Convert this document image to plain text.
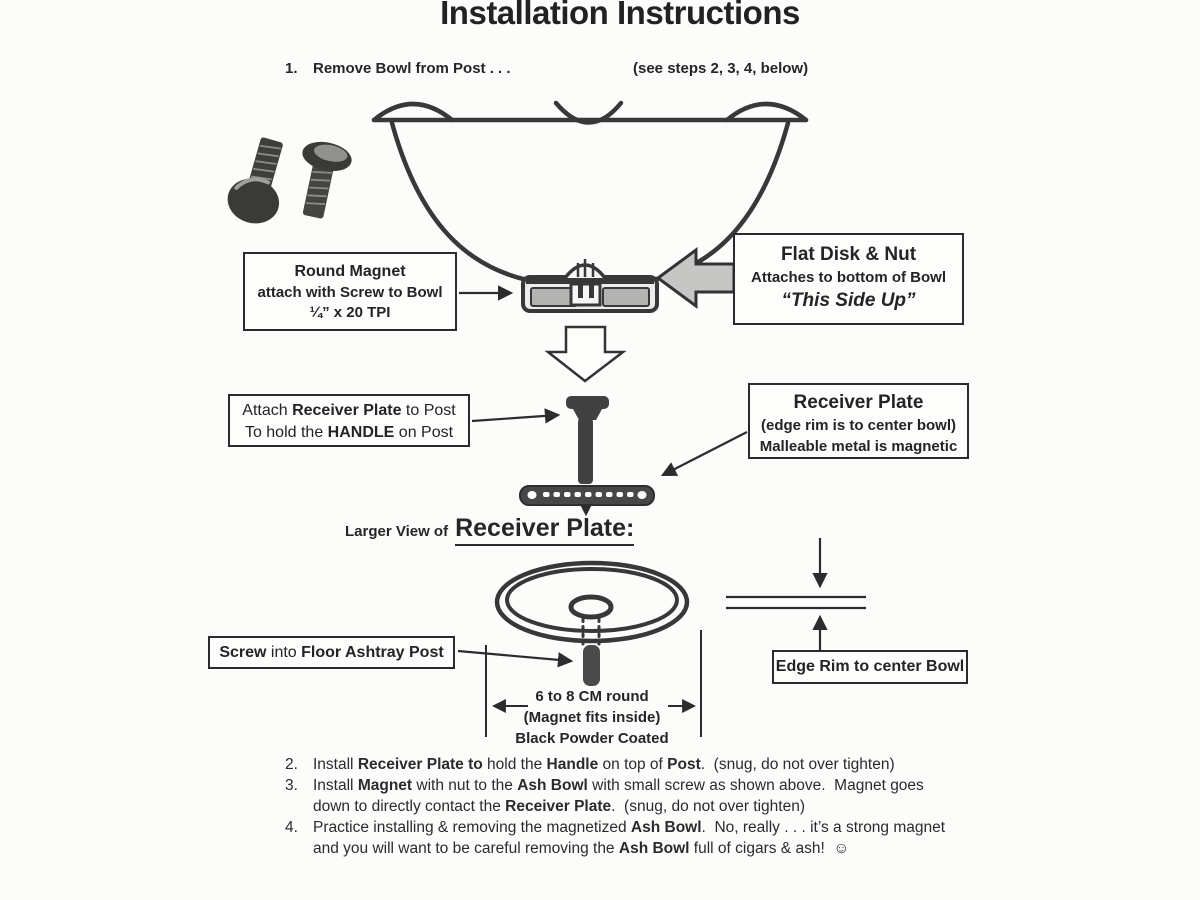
Installation Instructions
1. Remove Bowl from Post . . .	(see steps 2, 3, 4, below)
Round Magnet
attach with Screw to Bowl
¼” x 20 TPI
Flat Disk & Nut
Attaches to bottom of Bowl
“This Side Up”
Attach Receiver Plate to Post
To hold the HANDLE on Post
Receiver Plate
(edge rim is to center bowl)
Malleable metal is magnetic
Screw into Floor Ashtray Post
Edge Rim to center Bowl
Larger View of Receiver Plate:
6 to 8 CM round
(Magnet fits inside)
Black Powder Coated
2. Install Receiver Plate to hold the Handle on top of Post.  (snug, do not over tighten)
3. Install Magnet with nut to the Ash Bowl with small screw as shown above.  Magnet goes
down to directly contact the Receiver Plate.  (snug, do not over tighten)
4. Practice installing & removing the magnetized Ash Bowl.  No, really . . . it’s a strong magnet
and you will want to be careful removing the Ash Bowl full of cigars & ash!  ☺
